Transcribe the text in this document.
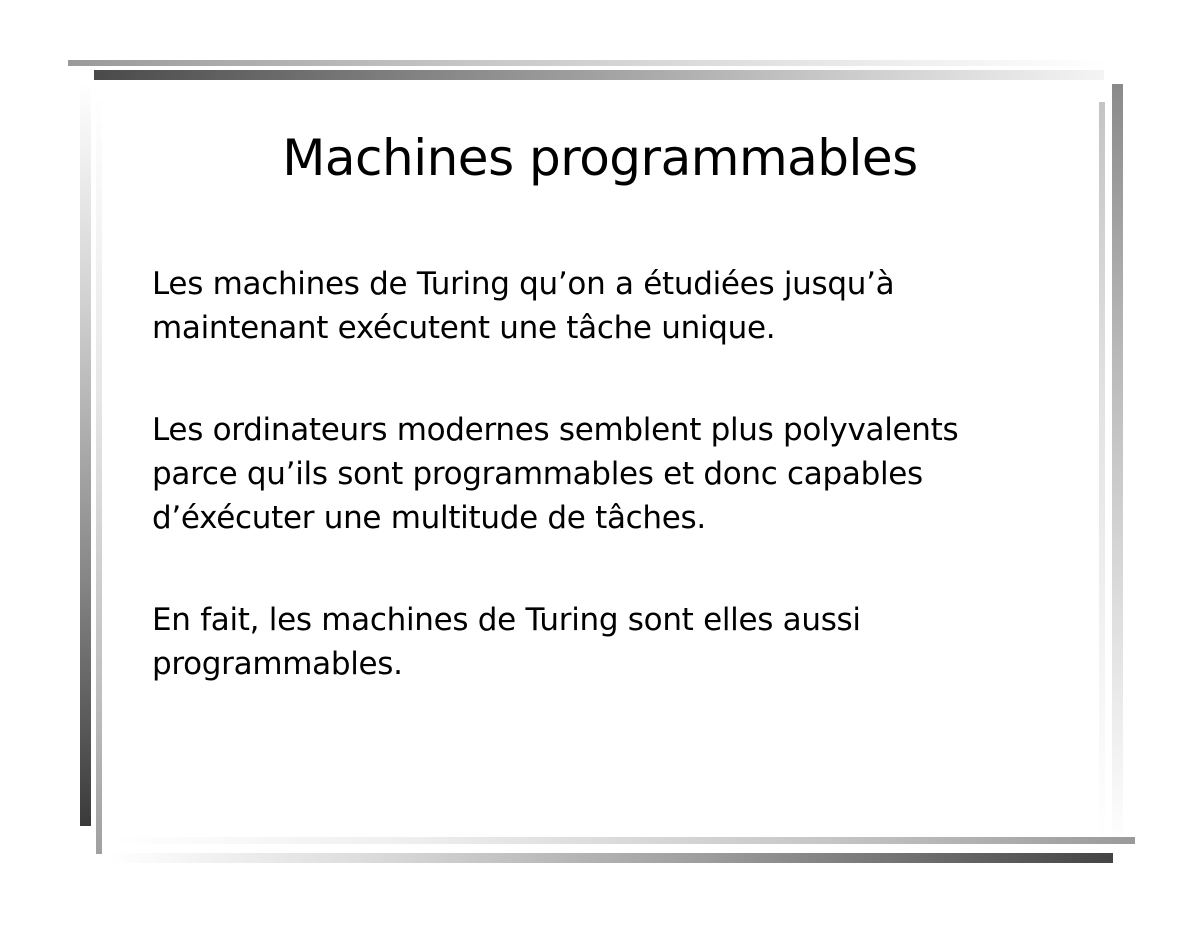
Machines programmables

Les machines de Turing qu’on a étudiées jusqu’à
maintenant exécutent une tâche unique.

Les ordinateurs modernes semblent plus polyvalents
parce qu’ils sont programmables et donc capables
d’éxécuter une multitude de tâches.

En fait, les machines de Turing sont elles aussi
programmables.
